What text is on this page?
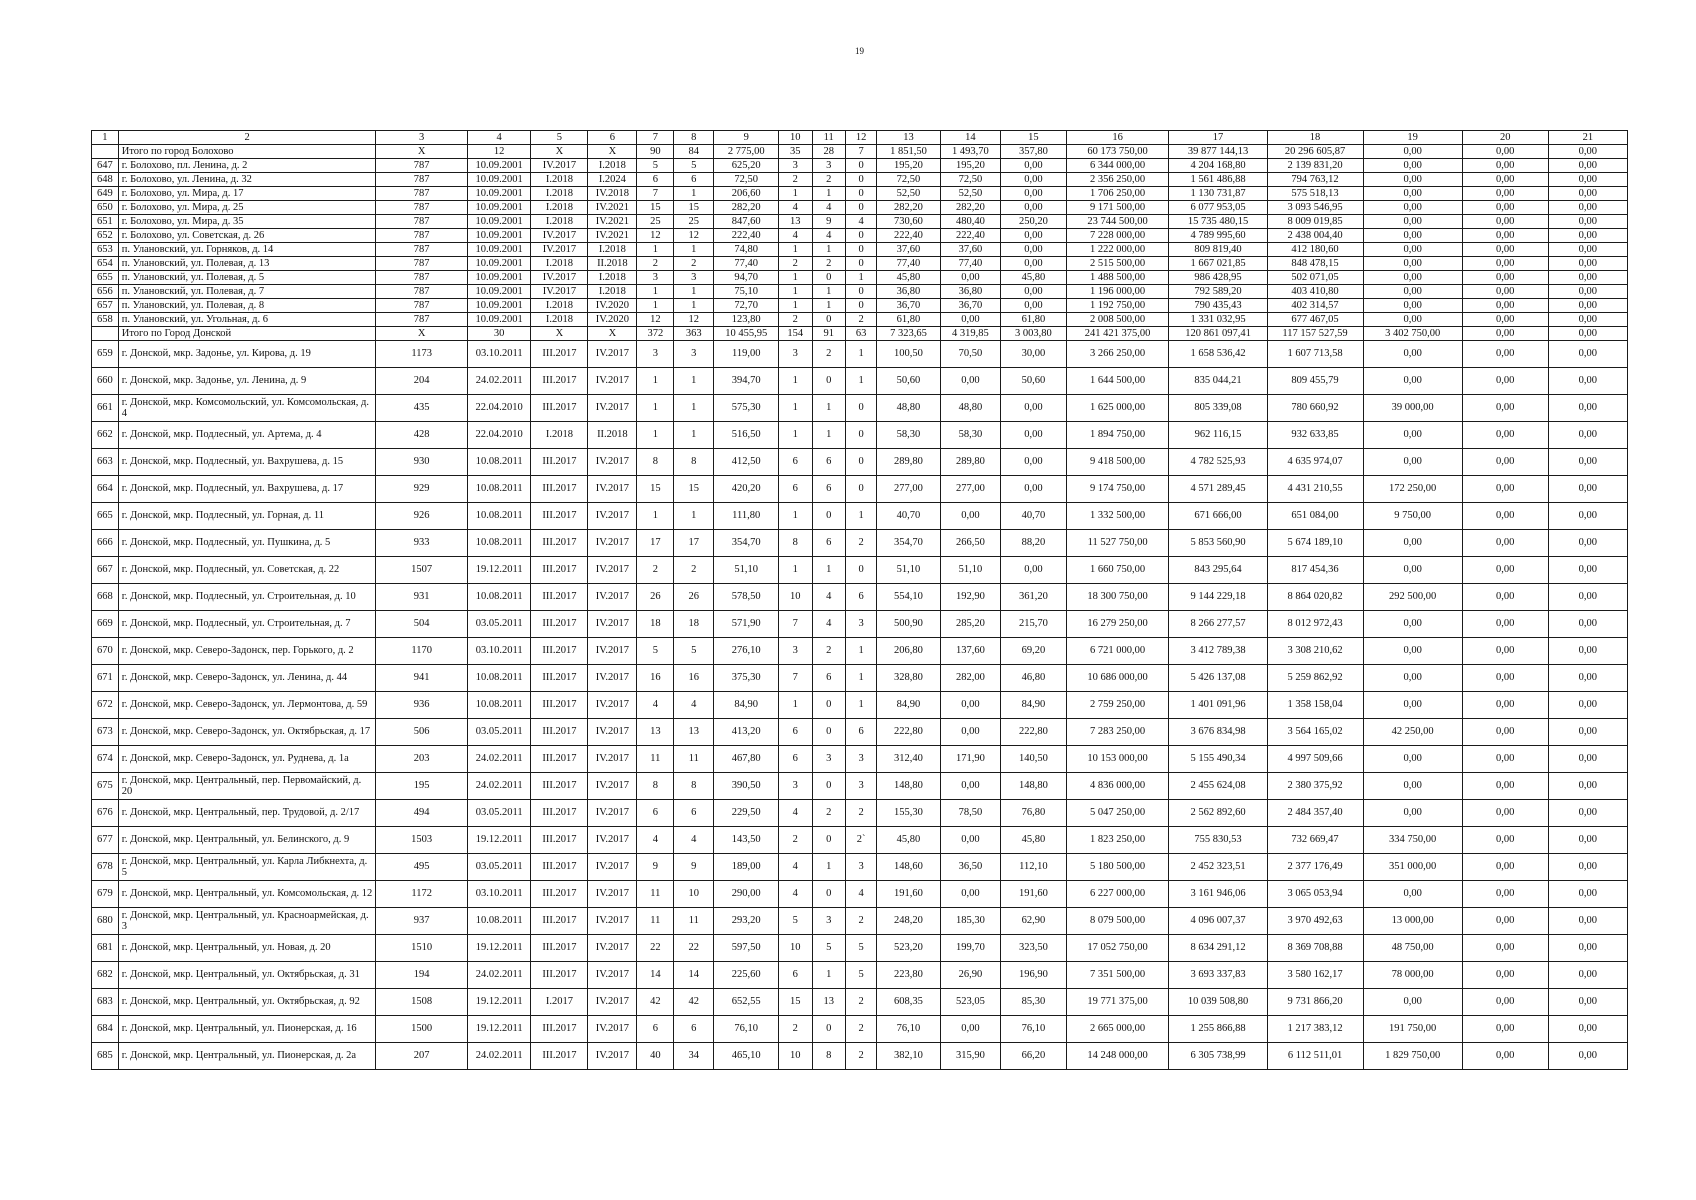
19
1	2	3	4	5	6	7	8	9	10	11	12	13	14	15	16	17	18	19	20	21
	Итого по город Болохово	X	12	X	X	90	84	2 775,00	35	28	7	1 851,50	1 493,70	357,80	60 173 750,00	39 877 144,13	20 296 605,87	0,00	0,00	0,00
647	г. Болохово, пл. Ленина, д. 2	787	10.09.2001	IV.2017	I.2018	5	5	625,20	3	3	0	195,20	195,20	0,00	6 344 000,00	4 204 168,80	2 139 831,20	0,00	0,00	0,00
648	г. Болохово, ул. Ленина, д. 32	787	10.09.2001	I.2018	I.2024	6	6	72,50	2	2	0	72,50	72,50	0,00	2 356 250,00	1 561 486,88	794 763,12	0,00	0,00	0,00
649	г. Болохово, ул. Мира, д. 17	787	10.09.2001	I.2018	IV.2018	7	1	206,60	1	1	0	52,50	52,50	0,00	1 706 250,00	1 130 731,87	575 518,13	0,00	0,00	0,00
650	г. Болохово, ул. Мира, д. 25	787	10.09.2001	I.2018	IV.2021	15	15	282,20	4	4	0	282,20	282,20	0,00	9 171 500,00	6 077 953,05	3 093 546,95	0,00	0,00	0,00
651	г. Болохово, ул. Мира, д. 35	787	10.09.2001	I.2018	IV.2021	25	25	847,60	13	9	4	730,60	480,40	250,20	23 744 500,00	15 735 480,15	8 009 019,85	0,00	0,00	0,00
652	г. Болохово, ул. Советская, д. 26	787	10.09.2001	IV.2017	IV.2021	12	12	222,40	4	4	0	222,40	222,40	0,00	7 228 000,00	4 789 995,60	2 438 004,40	0,00	0,00	0,00
653	п. Улановский, ул. Горняков, д. 14	787	10.09.2001	IV.2017	I.2018	1	1	74,80	1	1	0	37,60	37,60	0,00	1 222 000,00	809 819,40	412 180,60	0,00	0,00	0,00
654	п. Улановский, ул. Полевая, д. 13	787	10.09.2001	I.2018	II.2018	2	2	77,40	2	2	0	77,40	77,40	0,00	2 515 500,00	1 667 021,85	848 478,15	0,00	0,00	0,00
655	п. Улановский, ул. Полевая, д. 5	787	10.09.2001	IV.2017	I.2018	3	3	94,70	1	0	1	45,80	0,00	45,80	1 488 500,00	986 428,95	502 071,05	0,00	0,00	0,00
656	п. Улановский, ул. Полевая, д. 7	787	10.09.2001	IV.2017	I.2018	1	1	75,10	1	1	0	36,80	36,80	0,00	1 196 000,00	792 589,20	403 410,80	0,00	0,00	0,00
657	п. Улановский, ул. Полевая, д. 8	787	10.09.2001	I.2018	IV.2020	1	1	72,70	1	1	0	36,70	36,70	0,00	1 192 750,00	790 435,43	402 314,57	0,00	0,00	0,00
658	п. Улановский, ул. Угольная, д. 6	787	10.09.2001	I.2018	IV.2020	12	12	123,80	2	0	2	61,80	0,00	61,80	2 008 500,00	1 331 032,95	677 467,05	0,00	0,00	0,00
	Итого по Город Донской	X	30	X	X	372	363	10 455,95	154	91	63	7 323,65	4 319,85	3 003,80	241 421 375,00	120 861 097,41	117 157 527,59	3 402 750,00	0,00	0,00
659	г. Донской, мкр. Задонье, ул. Кирова, д. 19	1173	03.10.2011	III.2017	IV.2017	3	3	119,00	3	2	1	100,50	70,50	30,00	3 266 250,00	1 658 536,42	1 607 713,58	0,00	0,00	0,00
660	г. Донской, мкр. Задонье, ул. Ленина, д. 9	204	24.02.2011	III.2017	IV.2017	1	1	394,70	1	0	1	50,60	0,00	50,60	1 644 500,00	835 044,21	809 455,79	0,00	0,00	0,00
661	г. Донской, мкр. Комсомольский, ул. Комсомольская, д. 4	435	22.04.2010	III.2017	IV.2017	1	1	575,30	1	1	0	48,80	48,80	0,00	1 625 000,00	805 339,08	780 660,92	39 000,00	0,00	0,00
662	г. Донской, мкр. Подлесный, ул. Артема, д. 4	428	22.04.2010	I.2018	II.2018	1	1	516,50	1	1	0	58,30	58,30	0,00	1 894 750,00	962 116,15	932 633,85	0,00	0,00	0,00
663	г. Донской, мкр. Подлесный, ул. Вахрушева, д. 15	930	10.08.2011	III.2017	IV.2017	8	8	412,50	6	6	0	289,80	289,80	0,00	9 418 500,00	4 782 525,93	4 635 974,07	0,00	0,00	0,00
664	г. Донской, мкр. Подлесный, ул. Вахрушева, д. 17	929	10.08.2011	III.2017	IV.2017	15	15	420,20	6	6	0	277,00	277,00	0,00	9 174 750,00	4 571 289,45	4 431 210,55	172 250,00	0,00	0,00
665	г. Донской, мкр. Подлесный, ул. Горная, д. 11	926	10.08.2011	III.2017	IV.2017	1	1	111,80	1	0	1	40,70	0,00	40,70	1 332 500,00	671 666,00	651 084,00	9 750,00	0,00	0,00
666	г. Донской, мкр. Подлесный, ул. Пушкина, д. 5	933	10.08.2011	III.2017	IV.2017	17	17	354,70	8	6	2	354,70	266,50	88,20	11 527 750,00	5 853 560,90	5 674 189,10	0,00	0,00	0,00
667	г. Донской, мкр. Подлесный, ул. Советская, д. 22	1507	19.12.2011	III.2017	IV.2017	2	2	51,10	1	1	0	51,10	51,10	0,00	1 660 750,00	843 295,64	817 454,36	0,00	0,00	0,00
668	г. Донской, мкр. Подлесный, ул. Строительная, д. 10	931	10.08.2011	III.2017	IV.2017	26	26	578,50	10	4	6	554,10	192,90	361,20	18 300 750,00	9 144 229,18	8 864 020,82	292 500,00	0,00	0,00
669	г. Донской, мкр. Подлесный, ул. Строительная, д. 7	504	03.05.2011	III.2017	IV.2017	18	18	571,90	7	4	3	500,90	285,20	215,70	16 279 250,00	8 266 277,57	8 012 972,43	0,00	0,00	0,00
670	г. Донской, мкр. Северо-Задонск, пер. Горького, д. 2	1170	03.10.2011	III.2017	IV.2017	5	5	276,10	3	2	1	206,80	137,60	69,20	6 721 000,00	3 412 789,38	3 308 210,62	0,00	0,00	0,00
671	г. Донской, мкр. Северо-Задонск, ул. Ленина, д. 44	941	10.08.2011	III.2017	IV.2017	16	16	375,30	7	6	1	328,80	282,00	46,80	10 686 000,00	5 426 137,08	5 259 862,92	0,00	0,00	0,00
672	г. Донской, мкр. Северо-Задонск, ул. Лермонтова, д. 59	936	10.08.2011	III.2017	IV.2017	4	4	84,90	1	0	1	84,90	0,00	84,90	2 759 250,00	1 401 091,96	1 358 158,04	0,00	0,00	0,00
673	г. Донской, мкр. Северо-Задонск, ул. Октябрьская, д. 17	506	03.05.2011	III.2017	IV.2017	13	13	413,20	6	0	6	222,80	0,00	222,80	7 283 250,00	3 676 834,98	3 564 165,02	42 250,00	0,00	0,00
674	г. Донской, мкр. Северо-Задонск, ул. Руднева, д. 1а	203	24.02.2011	III.2017	IV.2017	11	11	467,80	6	3	3	312,40	171,90	140,50	10 153 000,00	5 155 490,34	4 997 509,66	0,00	0,00	0,00
675	г. Донской, мкр. Центральный, пер. Первомайский, д. 20	195	24.02.2011	III.2017	IV.2017	8	8	390,50	3	0	3	148,80	0,00	148,80	4 836 000,00	2 455 624,08	2 380 375,92	0,00	0,00	0,00
676	г. Донской, мкр. Центральный, пер. Трудовой, д. 2/17	494	03.05.2011	III.2017	IV.2017	6	6	229,50	4	2	2	155,30	78,50	76,80	5 047 250,00	2 562 892,60	2 484 357,40	0,00	0,00	0,00
677	г. Донской, мкр. Центральный, ул. Белинского, д. 9	1503	19.12.2011	III.2017	IV.2017	4	4	143,50	2	0	2`	45,80	0,00	45,80	1 823 250,00	755 830,53	732 669,47	334 750,00	0,00	0,00
678	г. Донской, мкр. Центральный, ул. Карла Либкнехта, д. 5	495	03.05.2011	III.2017	IV.2017	9	9	189,00	4	1	3	148,60	36,50	112,10	5 180 500,00	2 452 323,51	2 377 176,49	351 000,00	0,00	0,00
679	г. Донской, мкр. Центральный, ул. Комсомольская, д. 12	1172	03.10.2011	III.2017	IV.2017	11	10	290,00	4	0	4	191,60	0,00	191,60	6 227 000,00	3 161 946,06	3 065 053,94	0,00	0,00	0,00
680	г. Донской, мкр. Центральный, ул. Красноармейская, д. 3	937	10.08.2011	III.2017	IV.2017	11	11	293,20	5	3	2	248,20	185,30	62,90	8 079 500,00	4 096 007,37	3 970 492,63	13 000,00	0,00	0,00
681	г. Донской, мкр. Центральный, ул. Новая, д. 20	1510	19.12.2011	III.2017	IV.2017	22	22	597,50	10	5	5	523,20	199,70	323,50	17 052 750,00	8 634 291,12	8 369 708,88	48 750,00	0,00	0,00
682	г. Донской, мкр. Центральный, ул. Октябрьская, д. 31	194	24.02.2011	III.2017	IV.2017	14	14	225,60	6	1	5	223,80	26,90	196,90	7 351 500,00	3 693 337,83	3 580 162,17	78 000,00	0,00	0,00
683	г. Донской, мкр. Центральный, ул. Октябрьская, д. 92	1508	19.12.2011	I.2017	IV.2017	42	42	652,55	15	13	2	608,35	523,05	85,30	19 771 375,00	10 039 508,80	9 731 866,20	0,00	0,00	0,00
684	г. Донской, мкр. Центральный, ул. Пионерская, д. 16	1500	19.12.2011	III.2017	IV.2017	6	6	76,10	2	0	2	76,10	0,00	76,10	2 665 000,00	1 255 866,88	1 217 383,12	191 750,00	0,00	0,00
685	г. Донской, мкр. Центральный, ул. Пионерская, д. 2а	207	24.02.2011	III.2017	IV.2017	40	34	465,10	10	8	2	382,10	315,90	66,20	14 248 000,00	6 305 738,99	6 112 511,01	1 829 750,00	0,00	0,00
